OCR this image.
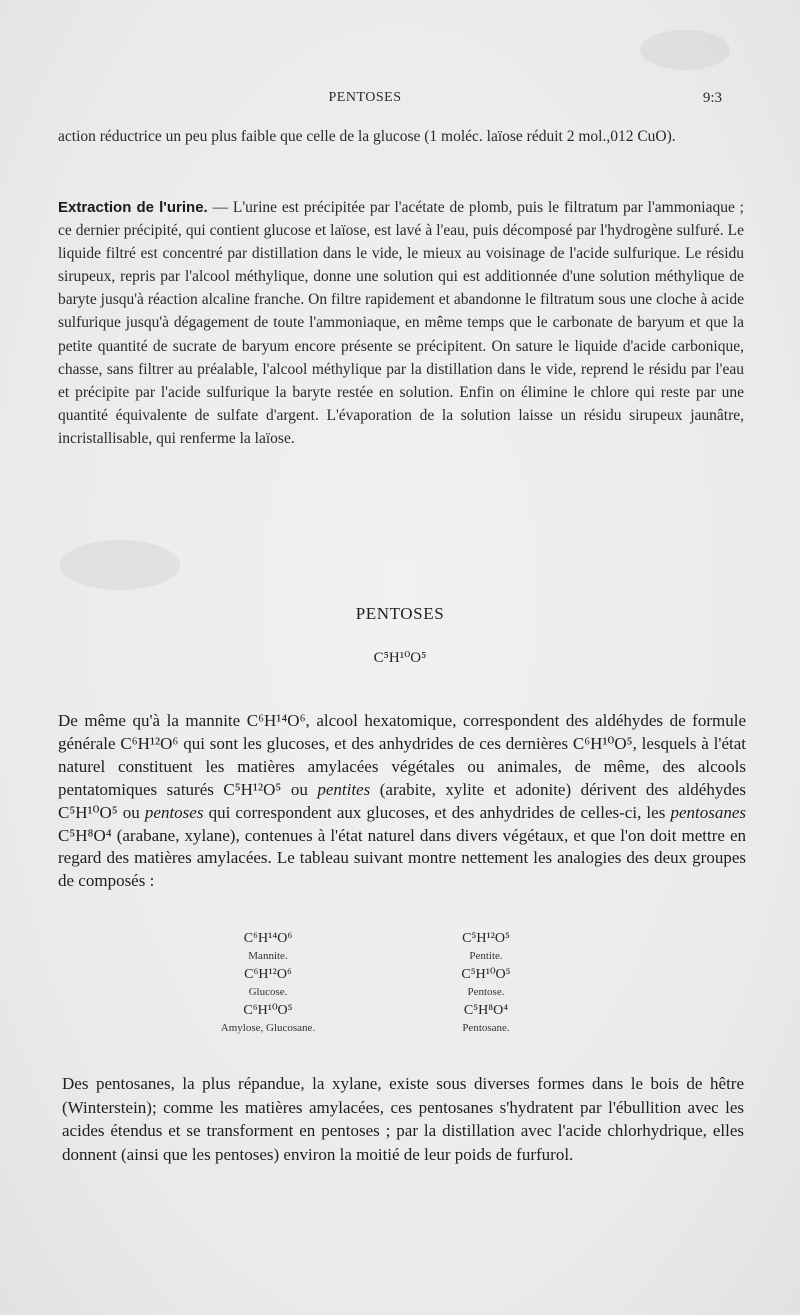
PENTOSES	9:3
action réductrice un peu plus faible que celle de la glucose (1 moléc. laïose réduit 2 mol.,012 CuO).
Extraction de l'urine. — L'urine est précipitée par l'acétate de plomb, puis le filtratum par l'ammoniaque ; ce dernier précipité, qui contient glucose et laïose, est lavé à l'eau, puis décomposé par l'hydrogène sulfuré. Le liquide filtré est concentré par distillation dans le vide, le mieux au voisinage de l'acide sulfurique. Le résidu sirupeux, repris par l'alcool méthylique, donne une solution qui est additionnée d'une solution méthylique de baryte jusqu'à réaction alcaline franche. On filtre rapidement et abandonne le filtratum sous une cloche à acide sulfurique jusqu'à dégagement de toute l'ammoniaque, en même temps que le carbonate de baryum et que la petite quantité de sucrate de baryum encore présente se précipitent. On sature le liquide d'acide carbonique, chasse, sans filtrer au préalable, l'alcool méthylique par la distillation dans le vide, reprend le résidu par l'eau et précipite par l'acide sulfurique la baryte restée en solution. Enfin on élimine le chlore qui reste par une quantité équivalente de sulfate d'argent. L'évaporation de la solution laisse un résidu sirupeux jaunâtre, incristallisable, qui renferme la laïose.
PENTOSES
C⁵H¹⁰O⁵
De même qu'à la mannite C⁶H¹⁴O⁶, alcool hexatomique, correspondent des aldéhydes de formule générale C⁶H¹²O⁶ qui sont les glucoses, et des anhydrides de ces dernières C⁶H¹⁰O⁵, lesquels à l'état naturel constituent les matières amylacées végétales ou animales, de même, des alcools pentatomiques saturés C⁵H¹²O⁵ ou pentites (arabite, xylite et adonite) dérivent des aldéhydes C⁵H¹⁰O⁵ ou pentoses qui correspondent aux glucoses, et des anhydrides de celles-ci, les pentosanes C⁵H⁸O⁴ (arabane, xylane), contenues à l'état naturel dans divers végétaux, et que l'on doit mettre en regard des matières amylacées. Le tableau suivant montre nettement les analogies des deux groupes de composés :
C⁶H¹⁴O⁶
Mannite.
C⁶H¹²O⁶
Glucose.
C⁶H¹⁰O⁵
Amylose, Glucosane.
C⁵H¹²O⁵
Pentite.
C⁵H¹⁰O⁵
Pentose.
C⁵H⁸O⁴
Pentosane.
Des pentosanes, la plus répandue, la xylane, existe sous diverses formes dans le bois de hêtre (Winterstein); comme les matières amylacées, ces pentosanes s'hydratent par l'ébullition avec les acides étendus et se transforment en pentoses ; par la distillation avec l'acide chlorhydrique, elles donnent (ainsi que les pentoses) environ la moitié de leur poids de furfurol.
